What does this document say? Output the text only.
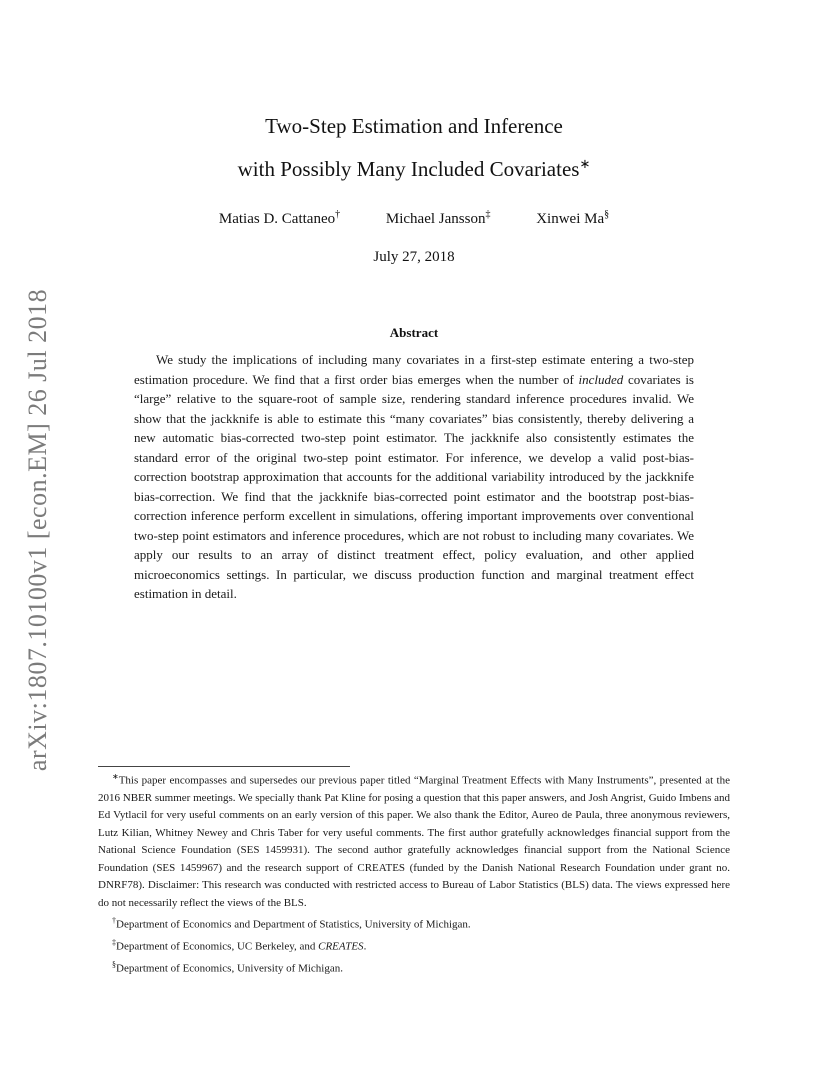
arXiv:1807.10100v1 [econ.EM] 26 Jul 2018
Two-Step Estimation and Inference
with Possibly Many Included Covariates∗
Matias D. Cattaneo†	Michael Jansson‡	Xinwei Ma§
July 27, 2018
Abstract

We study the implications of including many covariates in a first-step estimate entering a two-step estimation procedure. We find that a first order bias emerges when the number of included covariates is “large” relative to the square-root of sample size, rendering standard inference procedures invalid. We show that the jackknife is able to estimate this “many covariates” bias consistently, thereby delivering a new automatic bias-corrected two-step point estimator. The jackknife also consistently estimates the standard error of the original two-step point estimator. For inference, we develop a valid post-bias-correction bootstrap approximation that accounts for the additional variability introduced by the jackknife bias-correction. We find that the jackknife bias-corrected point estimator and the bootstrap post-bias-correction inference perform excellent in simulations, offering important improvements over conventional two-step point estimators and inference procedures, which are not robust to including many covariates. We apply our results to an array of distinct treatment effect, policy evaluation, and other applied microeconomics settings. In particular, we discuss production function and marginal treatment effect estimation in detail.

∗This paper encompasses and supersedes our previous paper titled “Marginal Treatment Effects with Many Instruments”, presented at the 2016 NBER summer meetings. We specially thank Pat Kline for posing a question that this paper answers, and Josh Angrist, Guido Imbens and Ed Vytlacil for very useful comments on an early version of this paper. We also thank the Editor, Aureo de Paula, three anonymous reviewers, Lutz Kilian, Whitney Newey and Chris Taber for very useful comments. The first author gratefully acknowledges financial support from the National Science Foundation (SES 1459931). The second author gratefully acknowledges financial support from the National Science Foundation (SES 1459967) and the research support of CREATES (funded by the Danish National Research Foundation under grant no. DNRF78). Disclaimer: This research was conducted with restricted access to Bureau of Labor Statistics (BLS) data. The views expressed here do not necessarily reflect the views of the BLS.

†Department of Economics and Department of Statistics, University of Michigan.

‡Department of Economics, UC Berkeley, and CREATES.

§Department of Economics, University of Michigan.
